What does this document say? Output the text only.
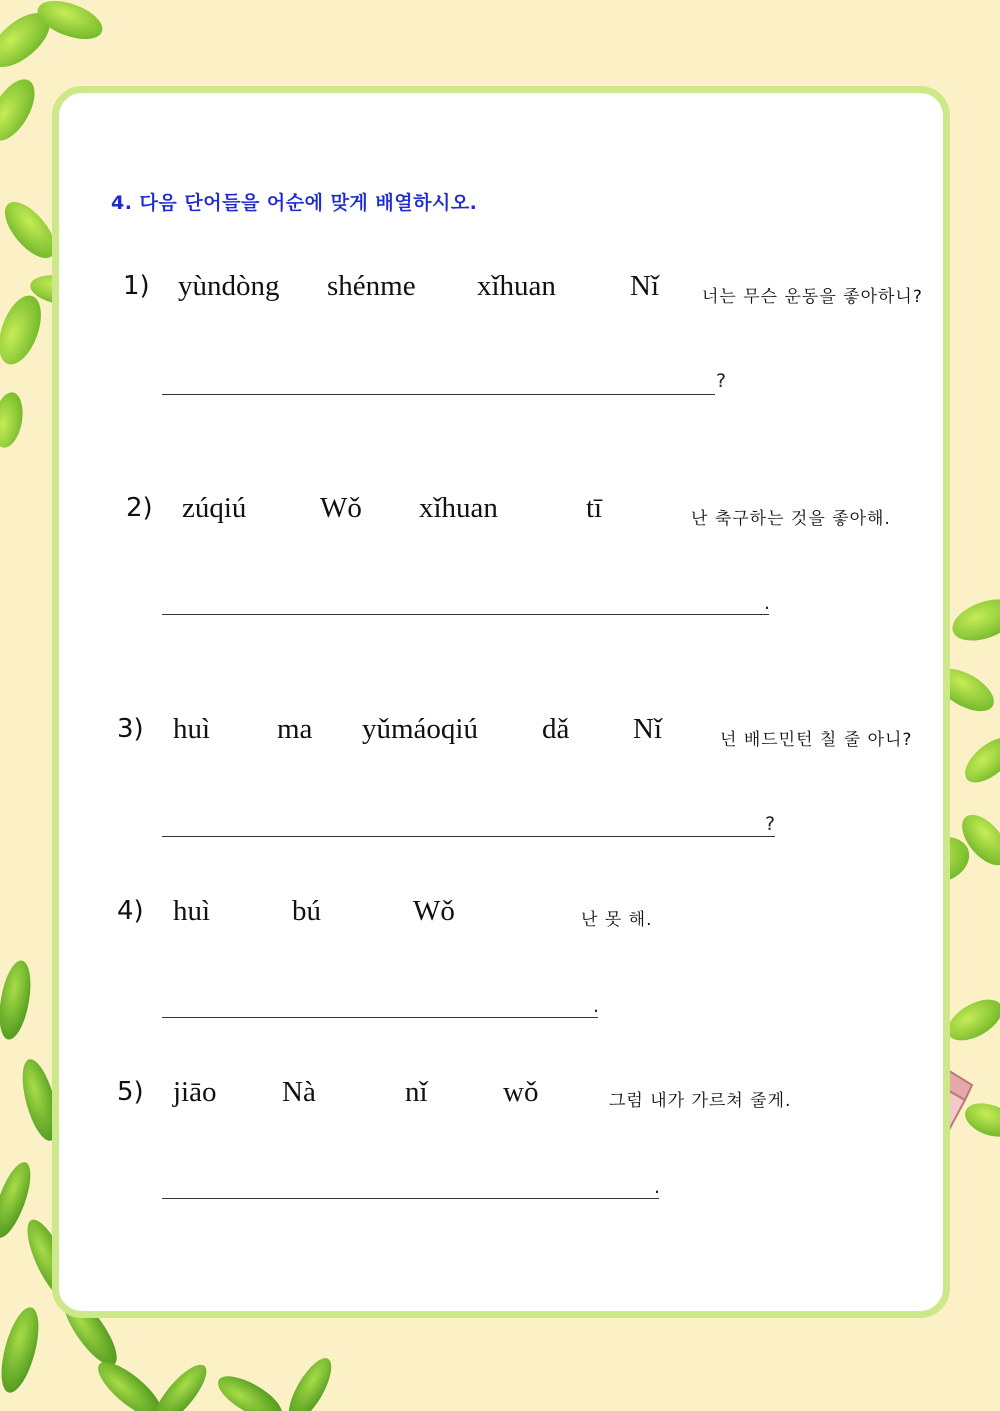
4. 다음 단어들을 어순에 맞게 배열하시오.
1) yùndòng shénme xǐhuan	Nǐ	너는 무슨 운동을 좋아하니?
?
2) zúqiú	Wǒ xǐhuan	tī	난 축구하는 것을 좋아해.
.
3) huì ma yǔmáoqiú dǎ Nǐ	넌 배드민턴 칠 줄 아니?
?
4) huì	bú	Wǒ	난 못 해.
.
5) jiāo Nà	nǐ	wǒ	그럼 내가 가르쳐 줄게.
.
